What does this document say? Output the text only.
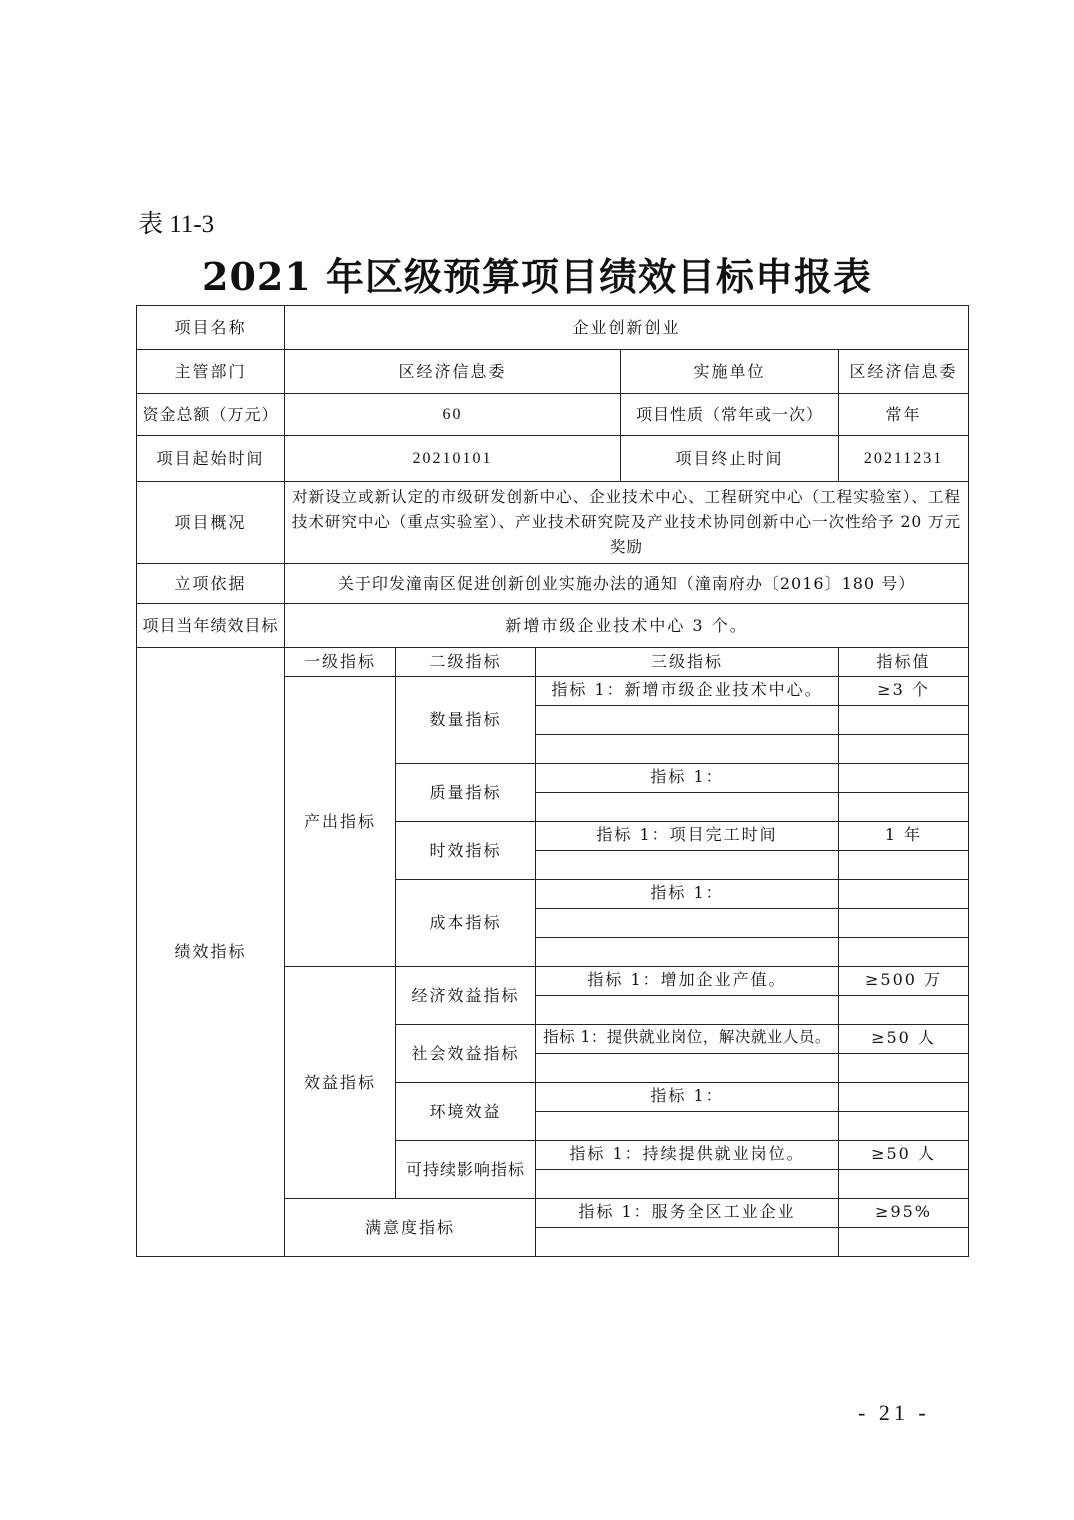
表 11-3
2021 年区级预算项目绩效目标申报表
项目名称	企业创新创业				
主管部门	区经济信息委			实施单位	区经济信息委
资金总额（万元）	60			项目性质（常年或一次）	常年
项目起始时间	20210101			项目终止时间	20211231
项目概况	对新设立或新认定的市级研发创新中心、企业技术中心、工程研究中心（工程实验室）、工程技术研究中心（重点实验室）、产业技术研究院及产业技术协同创新中心一次性给予 20 万元奖励				
立项依据	关于印发潼南区促进创新创业实施办法的通知（潼南府办〔2016〕180 号）				
项目当年绩效目标	新增市级企业技术中心 3 个。				
绩效指标	一级指标	二级指标	三级指标		指标值
	产出指标	数量指标	指标 1：新增市级企业技术中心。		≥3 个

		质量指标	指标 1：		

		时效指标	指标 1：项目完工时间		1 年

		成本指标	指标 1：		

	效益指标	经济效益指标	指标 1：增加企业产值。		≥500 万

		社会效益指标	指标 1：提供就业岗位，解决就业人员。		≥50 人

		环境效益	指标 1：		

		可持续影响指标	指标 1：持续提供就业岗位。		≥50 人

	满意度指标		指标 1：服务全区工业企业		≥95%

- 21 -
